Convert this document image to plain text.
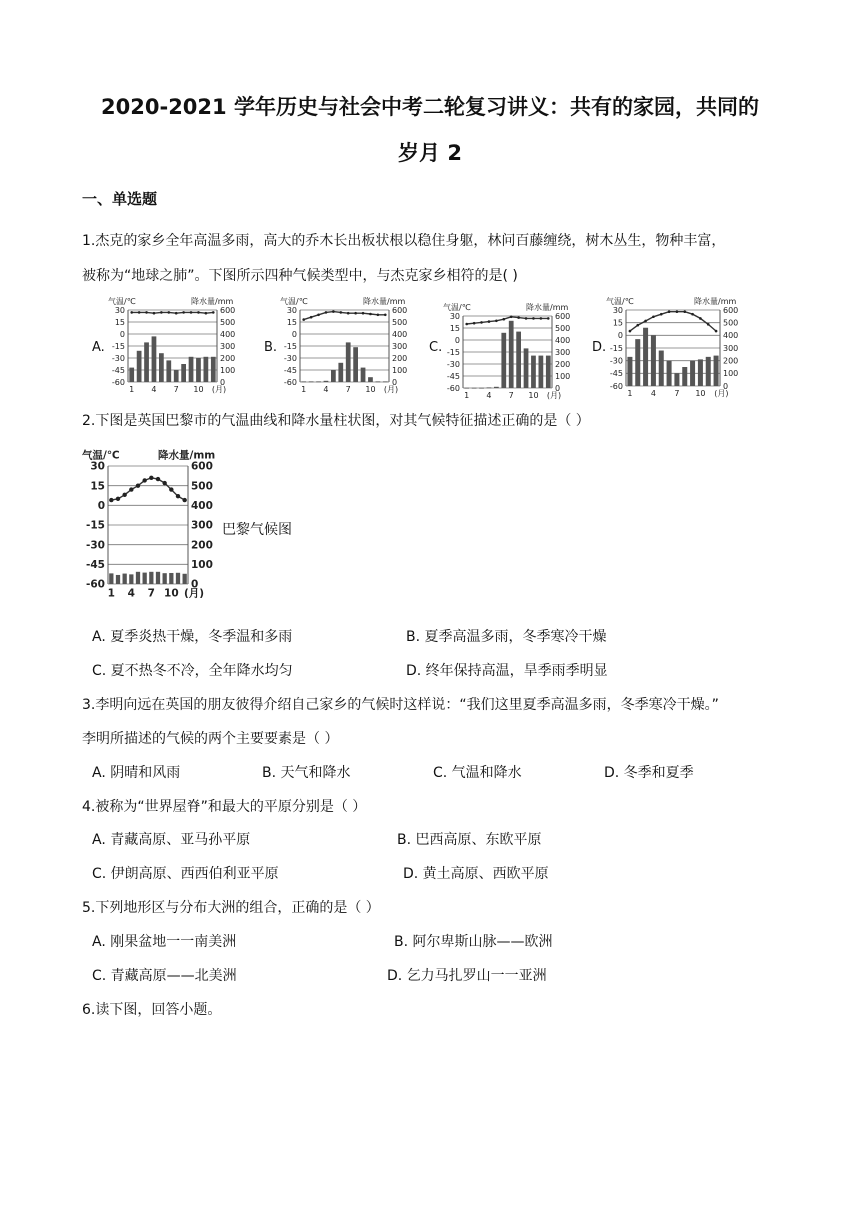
2020-2021 学年历史与社会中考二轮复习讲义：共有的家园，共同的
岁月 2
一、单选题
1.杰克的家乡全年高温多雨，高大的乔木长出板状根以稳住身躯，林问百藤缠绕，树木丛生，物种丰富，
被称为“地球之肺”。下图所示四种气候类型中，与杰克家乡相符的是( )
A.
气温/℃	降水量/mm
30	600
15	500
0	400
-15	300
-30	200
-45	100
-60	0
1 4 7 10 (月)
B.
气温/℃	降水量/mm
30	600
15	500
0	400
-15	300
-30	200
-45	100
-60	0
1 4 7 10 (月)
C.
气温/℃	降水量/mm
30	600
15	500
0	400
-15	300
-30	200
-45	100
-60	0
1 4 7 10 (月)
D.
气温/℃	降水量/mm
30	600
15	500
0	400
-15	300
-30	200
-45	100
-60	0
1 4 7 10 (月)
2.下图是英国巴黎市的气温曲线和降水量柱状图，对其气候特征描述正确的是（ ）
气温/℃	降水量/mm
30	600
15	500
0	400
-15	300
-30	200
-45	100
-60	0
1 4 7 10 (月)
巴黎气候图
A. 夏季炎热干燥，冬季温和多雨	B. 夏季高温多雨，冬季寒冷干燥
C. 夏不热冬不冷，全年降水均匀	D. 终年保持高温，旱季雨季明显
3.李明向远在英国的朋友彼得介绍自己家乡的气候时这样说：“我们这里夏季高温多雨，冬季寒冷干燥。”
李明所描述的气候的两个主要要素是（ ）
A. 阴晴和风雨	B. 天气和降水	C. 气温和降水	D. 冬季和夏季
4.被称为“世界屋脊”和最大的平原分别是（ ）
A. 青藏高原、亚马孙平原	B. 巴西高原、东欧平原
C. 伊朗高原、西西伯利亚平原	D. 黄土高原、西欧平原
5.下列地形区与分布大洲的组合，正确的是（ ）
A. 刚果盆地一一南美洲	B. 阿尔卑斯山脉——欧洲
C. 青藏高原——北美洲	D. 乞力马扎罗山一一亚洲
6.读下图，回答小题。
